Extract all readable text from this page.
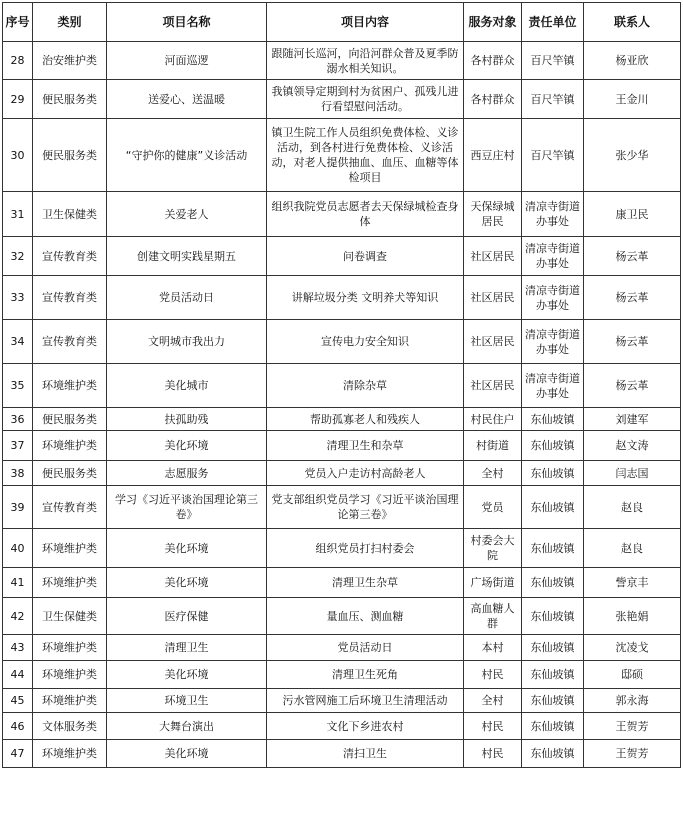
序号	类别	项目名称	项目内容	服务对象	责任单位	联系人
28	治安维护类	河面巡逻	跟随河长巡河，向沿河群众普及夏季防溺水相关知识。	各村群众	百尺竿镇	杨亚欣
29	便民服务类	送爱心、送温暖	我镇领导定期到村为贫困户、孤残儿进行看望慰问活动。	各村群众	百尺竿镇	王金川
30	便民服务类	“守护你的健康”义诊活动	镇卫生院工作人员组织免费体检、义诊活动，到各村进行免费体检、义诊活动，对老人提供抽血、血压、血糖等体检项目	西豆庄村	百尺竿镇	张少华
31	卫生保健类	关爱老人	组织我院党员志愿者去天保绿城检查身体	天保绿城居民	清凉寺街道办事处	康卫民
32	宣传教育类	创建文明实践星期五	问卷调查	社区居民	清凉寺街道办事处	杨云革
33	宣传教育类	党员活动日	讲解垃圾分类 文明养犬等知识	社区居民	清凉寺街道办事处	杨云革
34	宣传教育类	文明城市我出力	宣传电力安全知识	社区居民	清凉寺街道办事处	杨云革
35	环境维护类	美化城市	清除杂草	社区居民	清凉寺街道办事处	杨云革
36	便民服务类	扶孤助残	帮助孤寡老人和残疾人	村民住户	东仙坡镇	刘建军
37	环境维护类	美化环境	清理卫生和杂草	村街道	东仙坡镇	赵文涛
38	便民服务类	志愿服务	党员入户走访村高龄老人	全村	东仙坡镇	闫志国
39	宣传教育类	学习《习近平谈治国理论第三卷》	党支部组织党员学习《习近平谈治国理论第三卷》	党员	东仙坡镇	赵良
40	环境维护类	美化环境	组织党员打扫村委会	村委会大院	东仙坡镇	赵良
41	环境维护类	美化环境	清理卫生杂草	广场街道	东仙坡镇	訾京丰
42	卫生保健类	医疗保健	量血压、测血糖	高血糖人群	东仙坡镇	张艳娟
43	环境维护类	清理卫生	党员活动日	本村	东仙坡镇	沈凌戈
44	环境维护类	美化环境	清理卫生死角	村民	东仙坡镇	邸硕
45	环境维护类	环境卫生	污水管网施工后环境卫生清理活动	全村	东仙坡镇	郭永海
46	文体服务类	大舞台演出	文化下乡进农村	村民	东仙坡镇	王贺芳
47	环境维护类	美化环境	清扫卫生	村民	东仙坡镇	王贺芳
